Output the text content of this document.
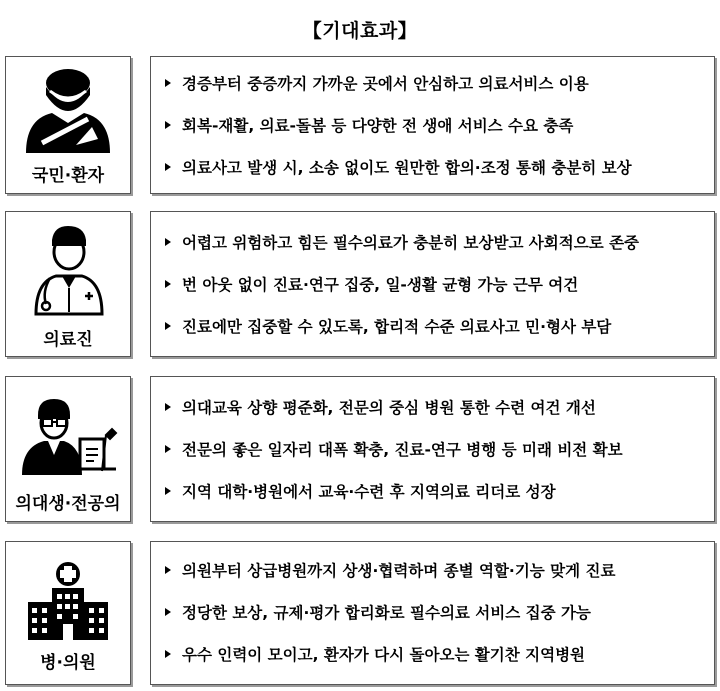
【기대효과】
국민·환자
경증부터 중증까지 가까운 곳에서 안심하고 의료서비스 이용
회복-재활, 의료-돌봄 등 다양한 전 생애 서비스 수요 충족
의료사고 발생 시, 소송 없이도 원만한 합의·조정 통해 충분히 보상
의료진
어렵고 위험하고 힘든 필수의료가 충분히 보상받고 사회적으로 존중
번 아웃 없이 진료·연구 집중, 일-생활 균형 가능 근무 여건
진료에만 집중할 수 있도록, 합리적 수준 의료사고 민·형사 부담
의대생·전공의
의대교육 상향 평준화, 전문의 중심 병원 통한 수련 여건 개선
전문의 좋은 일자리 대폭 확충, 진료-연구 병행 등 미래 비전 확보
지역 대학·병원에서 교육·수련 후 지역의료 리더로 성장
병·의원
의원부터 상급병원까지 상생·협력하며 종별 역할·기능 맞게 진료
정당한 보상, 규제·평가 합리화로 필수의료 서비스 집중 가능
우수 인력이 모이고, 환자가 다시 돌아오는 활기찬 지역병원
